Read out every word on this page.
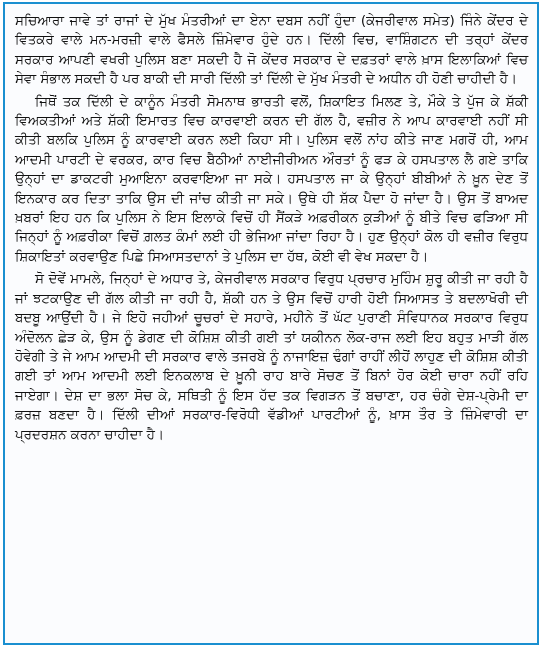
ਸਚਿਆਰਾ ਜਾਵੇ ਤਾਂ ਰਾਜਾਂ ਦੇ ਮੁੱਖ ਮੰਤਰੀਆਂ ਦਾ ਏਨਾ ਦਬਸ ਨਹੀਂ ਹੁੰਦਾ (ਕੇਜਰੀਵਾਲ ਸਮੇਤ) ਜਿੰਨੇ ਕੇਂਦਰ ਦੇ ਵਿਤਕਰੇ ਵਾਲੇ ਮਨ-ਮਰਜ਼ੀ ਵਾਲੇ ਫੈਸਲੇ ਜ਼ਿੰਮੇਵਾਰ ਹੁੰਦੇ ਹਨ। ਦਿੱਲੀ ਵਿਚ, ਵਾਸ਼ਿੰਗਟਨ ਦੀ ਤਰ੍ਹਾਂ ਕੇਂਦਰ ਸਰਕਾਰ ਆਪਣੀ ਵਖਰੀ ਪੁਲਿਸ ਬਣਾ ਸਕਦੀ ਹੈ ਜੋ ਕੇਂਦਰ ਸਰਕਾਰ ਦੇ ਦਫ਼ਤਰਾਂ ਵਾਲੇ ਖ਼ਾਸ ਇਲਾਕਿਆਂ ਵਿਚ ਸੇਵਾ ਸੰਭਾਲ ਸਕਦੀ ਹੈ ਪਰ ਬਾਕੀ ਦੀ ਸਾਰੀ ਦਿੱਲੀ ਤਾਂ ਦਿੱਲੀ ਦੇ ਮੁੱਖ ਮੰਤਰੀ ਦੇ ਅਧੀਨ ਹੀ ਹੋਣੀ ਚਾਹੀਦੀ ਹੈ।

ਜਿਥੋਂ ਤਕ ਦਿੱਲੀ ਦੇ ਕਾਨੂੰਨ ਮੰਤਰੀ ਸੋਮਨਾਥ ਭਾਰਤੀ ਵਲੋਂ, ਸ਼ਿਕਾਇਤ ਮਿਲਣ ਤੇ, ਮੌਕੇ ਤੇ ਪੁੱਜ ਕੇ ਸ਼ੱਕੀ ਵਿਅਕਤੀਆਂ ਅਤੇ ਸ਼ੱਕੀ ਇਮਾਰਤ ਵਿਚ ਕਾਰਵਾਈ ਕਰਨ ਦੀ ਗੱਲ ਹੈ, ਵਜ਼ੀਰ ਨੇ ਆਪ ਕਾਰਵਾਈ ਨਹੀਂ ਸੀ ਕੀਤੀ ਬਲਕਿ ਪੁਲਿਸ ਨੂੰ ਕਾਰਵਾਈ ਕਰਨ ਲਈ ਕਿਹਾ ਸੀ। ਪੁਲਿਸ ਵਲੋਂ ਨਾਂਹ ਕੀਤੇ ਜਾਣ ਮਗਰੋਂ ਹੀ, ਆਮ ਆਦਮੀ ਪਾਰਟੀ ਦੇ ਵਰਕਰ, ਕਾਰ ਵਿਚ ਬੈਠੀਆਂ ਨਾਈਜੀਰੀਅਨ ਔਰਤਾਂ ਨੂੰ ਫੜ ਕੇ ਹਸਪਤਾਲ ਲੈ ਗਏ ਤਾਕਿ ਉਨ੍ਹਾਂ ਦਾ ਡਾਕਟਰੀ ਮੁਆਇਨਾ ਕਰਵਾਇਆ ਜਾ ਸਕੇ। ਹਸਪਤਾਲ ਜਾ ਕੇ ਉਨ੍ਹਾਂ ਬੀਬੀਆਂ ਨੇ ਖ਼ੂਨ ਦੇਣ ਤੋਂ ਇਨਕਾਰ ਕਰ ਦਿਤਾ ਤਾਕਿ ਉਸ ਦੀ ਜਾਂਚ ਕੀਤੀ ਜਾ ਸਕੇ। ਉਥੇ ਹੀ ਸ਼ੱਕ ਪੈਦਾ ਹੋ ਜਾਂਦਾ ਹੈ। ਉਸ ਤੋਂ ਬਾਅਦ ਖ਼ਬਰਾਂ ਇਹ ਹਨ ਕਿ ਪੁਲਿਸ ਨੇ ਇਸ ਇਲਾਕੇ ਵਿਚੋਂ ਹੀ ਸੈਂਕੜੇ ਅਫ਼ਰੀਕਨ ਕੁੜੀਆਂ ਨੂੰ ਬੀਤੇ ਵਿਚ ਫੜਿਆ ਸੀ ਜਿਨ੍ਹਾਂ ਨੂੰ ਅਫ਼ਰੀਕਾ ਵਿਚੋਂ ਗ਼ਲਤ ਕੰਮਾਂ ਲਈ ਹੀ ਭੇਜਿਆ ਜਾਂਦਾ ਰਿਹਾ ਹੈ। ਹੁਣ ਉਨ੍ਹਾਂ ਕੋਲ ਹੀ ਵਜ਼ੀਰ ਵਿਰੁਧ ਸ਼ਿਕਾਇਤਾਂ ਕਰਵਾਉਣ ਪਿਛੇ ਸਿਆਸਤਦਾਨਾਂ ਤੇ ਪੁਲਿਸ ਦਾ ਹੱਥ, ਕੋਈ ਵੀ ਵੇਖ ਸਕਦਾ ਹੈ।

ਸੋ ਦੋਵੇਂ ਮਾਮਲੇ, ਜਿਨ੍ਹਾਂ ਦੇ ਅਧਾਰ ਤੇ, ਕੇਜਰੀਵਾਲ ਸਰਕਾਰ ਵਿਰੁਧ ਪ੍ਰਚਾਰ ਮੁਹਿੰਮ ਸ਼ੁਰੂ ਕੀਤੀ ਜਾ ਰਹੀ ਹੈ ਜਾਂ ਝਟਕਾਉਣ ਦੀ ਗੱਲ ਕੀਤੀ ਜਾ ਰਹੀ ਹੈ, ਸ਼ੱਕੀ ਹਨ ਤੇ ਉਸ ਵਿਚੋਂ ਹਾਰੀ ਹੋਈ ਸਿਆਸਤ ਤੇ ਬਦਲਾਖੋਰੀ ਦੀ ਬਦਬੂ ਆਉਂਦੀ ਹੈ। ਜੇ ਇਹੋ ਜਹੀਆਂ ਚੂਚਰਾਂ ਦੇ ਸਹਾਰੇ, ਮਹੀਨੇ ਤੋਂ ਘੱਟ ਪੁਰਾਣੀ ਸੰਵਿਧਾਨਕ ਸਰਕਾਰ ਵਿਰੁਧ ਅੰਦੋਲਨ ਛੇੜ ਕੇ, ਉਸ ਨੂੰ ਡੇਗਣ ਦੀ ਕੋਸ਼ਿਸ਼ ਕੀਤੀ ਗਈ ਤਾਂ ਯਕੀਨਨ ਲੋਕ-ਰਾਜ ਲਈ ਇਹ ਬਹੁਤ ਮਾੜੀ ਗੱਲ ਹੋਵੇਗੀ ਤੇ ਜੇ ਆਮ ਆਦਮੀ ਦੀ ਸਰਕਾਰ ਵਾਲੇ ਤਜਰਬੇ ਨੂੰ ਨਾਜਾਇਜ਼ ਢੰਗਾਂ ਰਾਹੀਂ ਲੀਹੋਂ ਲਾਹੁਣ ਦੀ ਕੋਸ਼ਿਸ਼ ਕੀਤੀ ਗਈ ਤਾਂ ਆਮ ਆਦਮੀ ਲਈ ਇਨਕਲਾਬ ਦੇ ਖ਼ੂਨੀ ਰਾਹ ਬਾਰੇ ਸੋਚਣ ਤੋਂ ਬਿਨਾਂ ਹੋਰ ਕੋਈ ਚਾਰਾ ਨਹੀਂ ਰਹਿ ਜਾਏਗਾ। ਦੇਸ਼ ਦਾ ਭਲਾ ਸੋਚ ਕੇ, ਸਥਿਤੀ ਨੂੰ ਇਸ ਹੱਦ ਤਕ ਵਿਗੜਨ ਤੋਂ ਬਚਾਣਾ, ਹਰ ਚੰਗੇ ਦੇਸ਼-ਪ੍ਰੇਮੀ ਦਾ ਫ਼ਰਜ਼ ਬਣਦਾ ਹੈ। ਦਿੱਲੀ ਦੀਆਂ ਸਰਕਾਰ-ਵਿਰੋਧੀ ਵੱਡੀਆਂ ਪਾਰਟੀਆਂ ਨੂੰ, ਖ਼ਾਸ ਤੌਰ ਤੇ ਜ਼ਿੰਮੇਵਾਰੀ ਦਾ ਪ੍ਰਦਰਸ਼ਨ ਕਰਨਾ ਚਾਹੀਦਾ ਹੈ।
